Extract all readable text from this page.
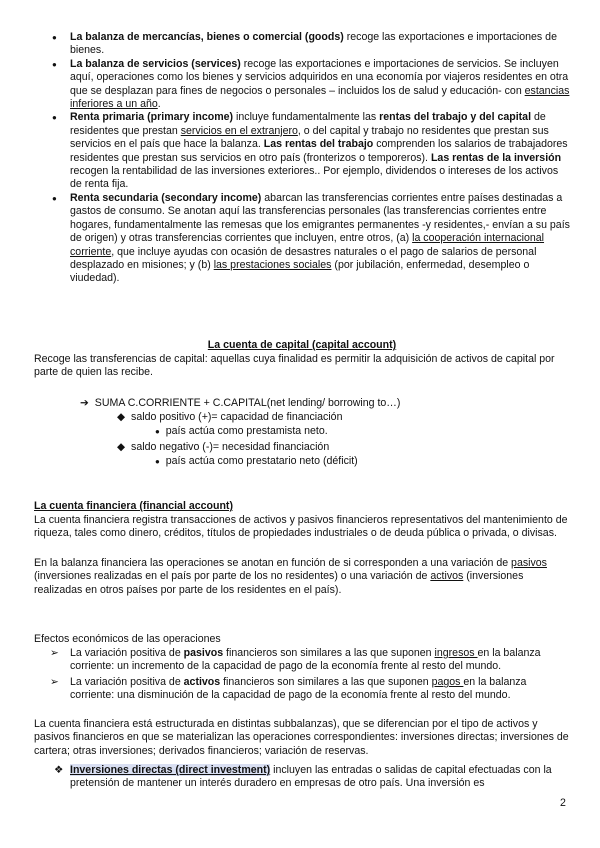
● La balanza de mercancías, bienes o comercial (goods) recoge las exportaciones e importaciones de bienes.
● La balanza de servicios (services) recoge las exportaciones e importaciones de servicios. Se incluyen aquí, operaciones como los bienes y servicios adquiridos en una economía por viajeros residentes en otra que se desplazan para fines de negocios o personales – incluidos los de salud y educación- con estancias inferiores a un año.
● Renta primaria (primary income) incluye fundamentalmente las rentas del trabajo y del capital de residentes que prestan servicios en el extranjero, o del capital y trabajo no residentes que prestan sus servicios en el país que hace la balanza. Las rentas del trabajo comprenden los salarios de trabajadores residentes que prestan sus servicios en otro país (fronterizos o temporeros). Las rentas de la inversión recogen la rentabilidad de las inversiones exteriores.. Por ejemplo, dividendos o intereses de los activos de renta fija.
● Renta secundaria (secondary income) abarcan las transferencias corrientes entre países destinadas a gastos de consumo. Se anotan aquí las transferencias personales (las transferencias corrientes entre hogares, fundamentalmente las remesas que los emigrantes permanentes -y residentes,- envían a su país de origen) y otras transferencias corrientes que incluyen, entre otros, (a) la cooperación internacional corriente, que incluye ayudas con ocasión de desastres naturales o el pago de salarios de personal desplazado en misiones; y (b) las prestaciones sociales (por jubilación, enfermedad, desempleo o viudedad).
La cuenta de capital (capital account)
Recoge las transferencias de capital: aquellas cuya finalidad es permitir la adquisición de activos de capital por parte de quien las recibe.
➔ SUMA C.CORRIENTE + C.CAPITAL(net lending/ borrowing to…)
◆ saldo positivo (+)= capacidad de financiación
● país actúa como prestamista neto.
◆ saldo negativo (-)= necesidad financiación
● país actúa como prestatario neto (déficit)
La cuenta financiera (financial account)
La cuenta financiera registra transacciones de activos y pasivos financieros representativos del mantenimiento de riqueza, tales como dinero, créditos, títulos de propiedades industriales o de deuda pública o privada, o divisas.
En la balanza financiera las operaciones se anotan en función de si corresponden a una variación de pasivos (inversiones realizadas en el país por parte de los no residentes) o una variación de activos (inversiones realizadas en otros países por parte de los residentes en el país).
Efectos económicos de las operaciones
➢ La variación positiva de pasivos financieros son similares a las que suponen ingresos en la balanza corriente: un incremento de la capacidad de pago de la economía frente al resto del mundo.
➢ La variación positiva de activos financieros son similares a las que suponen pagos en la balanza corriente: una disminución de la capacidad de pago de la economía frente al resto del mundo.
La cuenta financiera está estructurada en distintas subbalanzas), que se diferencian por el tipo de activos y pasivos financieros en que se materializan las operaciones correspondientes: inversiones directas; inversiones de cartera; otras inversiones; derivados financieros; variación de reservas.
❖ Inversiones directas (direct investment) incluyen las entradas o salidas de capital efectuadas con la pretensión de mantener un interés duradero en empresas de otro país. Una inversión es
2
